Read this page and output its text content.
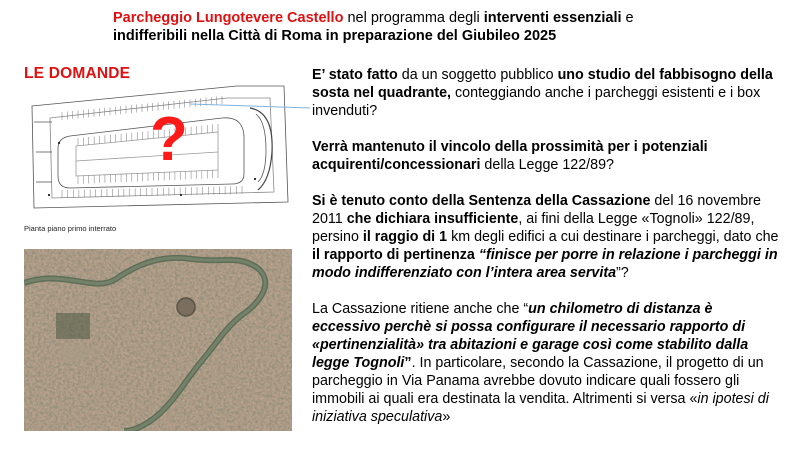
Parcheggio Lungotevere Castello nel programma degli interventi essenziali e
indifferibili nella Città di Roma in preparazione del Giubileo 2025
LE DOMANDE
?
Pianta piano primo interrato

E’ stato fatto da un soggetto pubblico uno studio del fabbisogno della sosta nel quadrante, conteggiando anche i parcheggi esistenti e i box invenduti?

Verrà mantenuto il vincolo della prossimità per i potenziali acquirenti/concessionari della Legge 122/89?

Si è tenuto conto della Sentenza della Cassazione del 16 novembre 2011 che dichiara insufficiente, ai fini della Legge «Tognoli» 122/89, persino il raggio di 1 km degli edifici a cui destinare i parcheggi, dato che il rapporto di pertinenza “finisce per porre in relazione i parcheggi in modo indifferenziato con l’intera area servita”?

La Cassazione ritiene anche che “un chilometro di distanza è eccessivo perchè si possa configurare il necessario rapporto di «pertinenzialità» tra abitazioni e garage così come stabilito dalla legge Tognoli”. In particolare, secondo la Cassazione, il progetto di un parcheggio in Via Panama avrebbe dovuto indicare quali fossero gli immobili ai quali era destinata la vendita. Altrimenti si versa «in ipotesi di iniziativa speculativa»
